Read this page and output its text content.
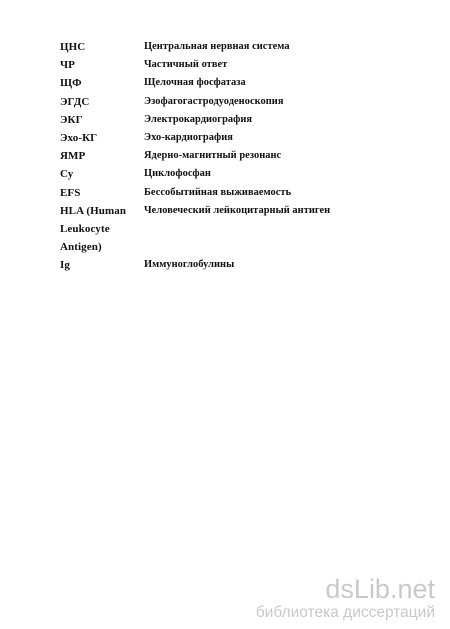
ЦНС	Центральная нервная система
ЧР	Частичный ответ
ЩФ	Щелочная фосфатаза
ЭГДС	Эзофагогастродуоденоскопия
ЭКГ	Электрокардиография
Эхо-КГ	Эхо-кардиография
ЯМР	Ядерно-магнитный резонанс
Су	Циклофосфан
EFS	Бессобытийная выживаемость
HLA (Human	Человеческий лейкоцитарный антиген
Leukocyte
Antigen)
Ig	Иммуноглобулины
dsLib.net
библиотека диссертаций
